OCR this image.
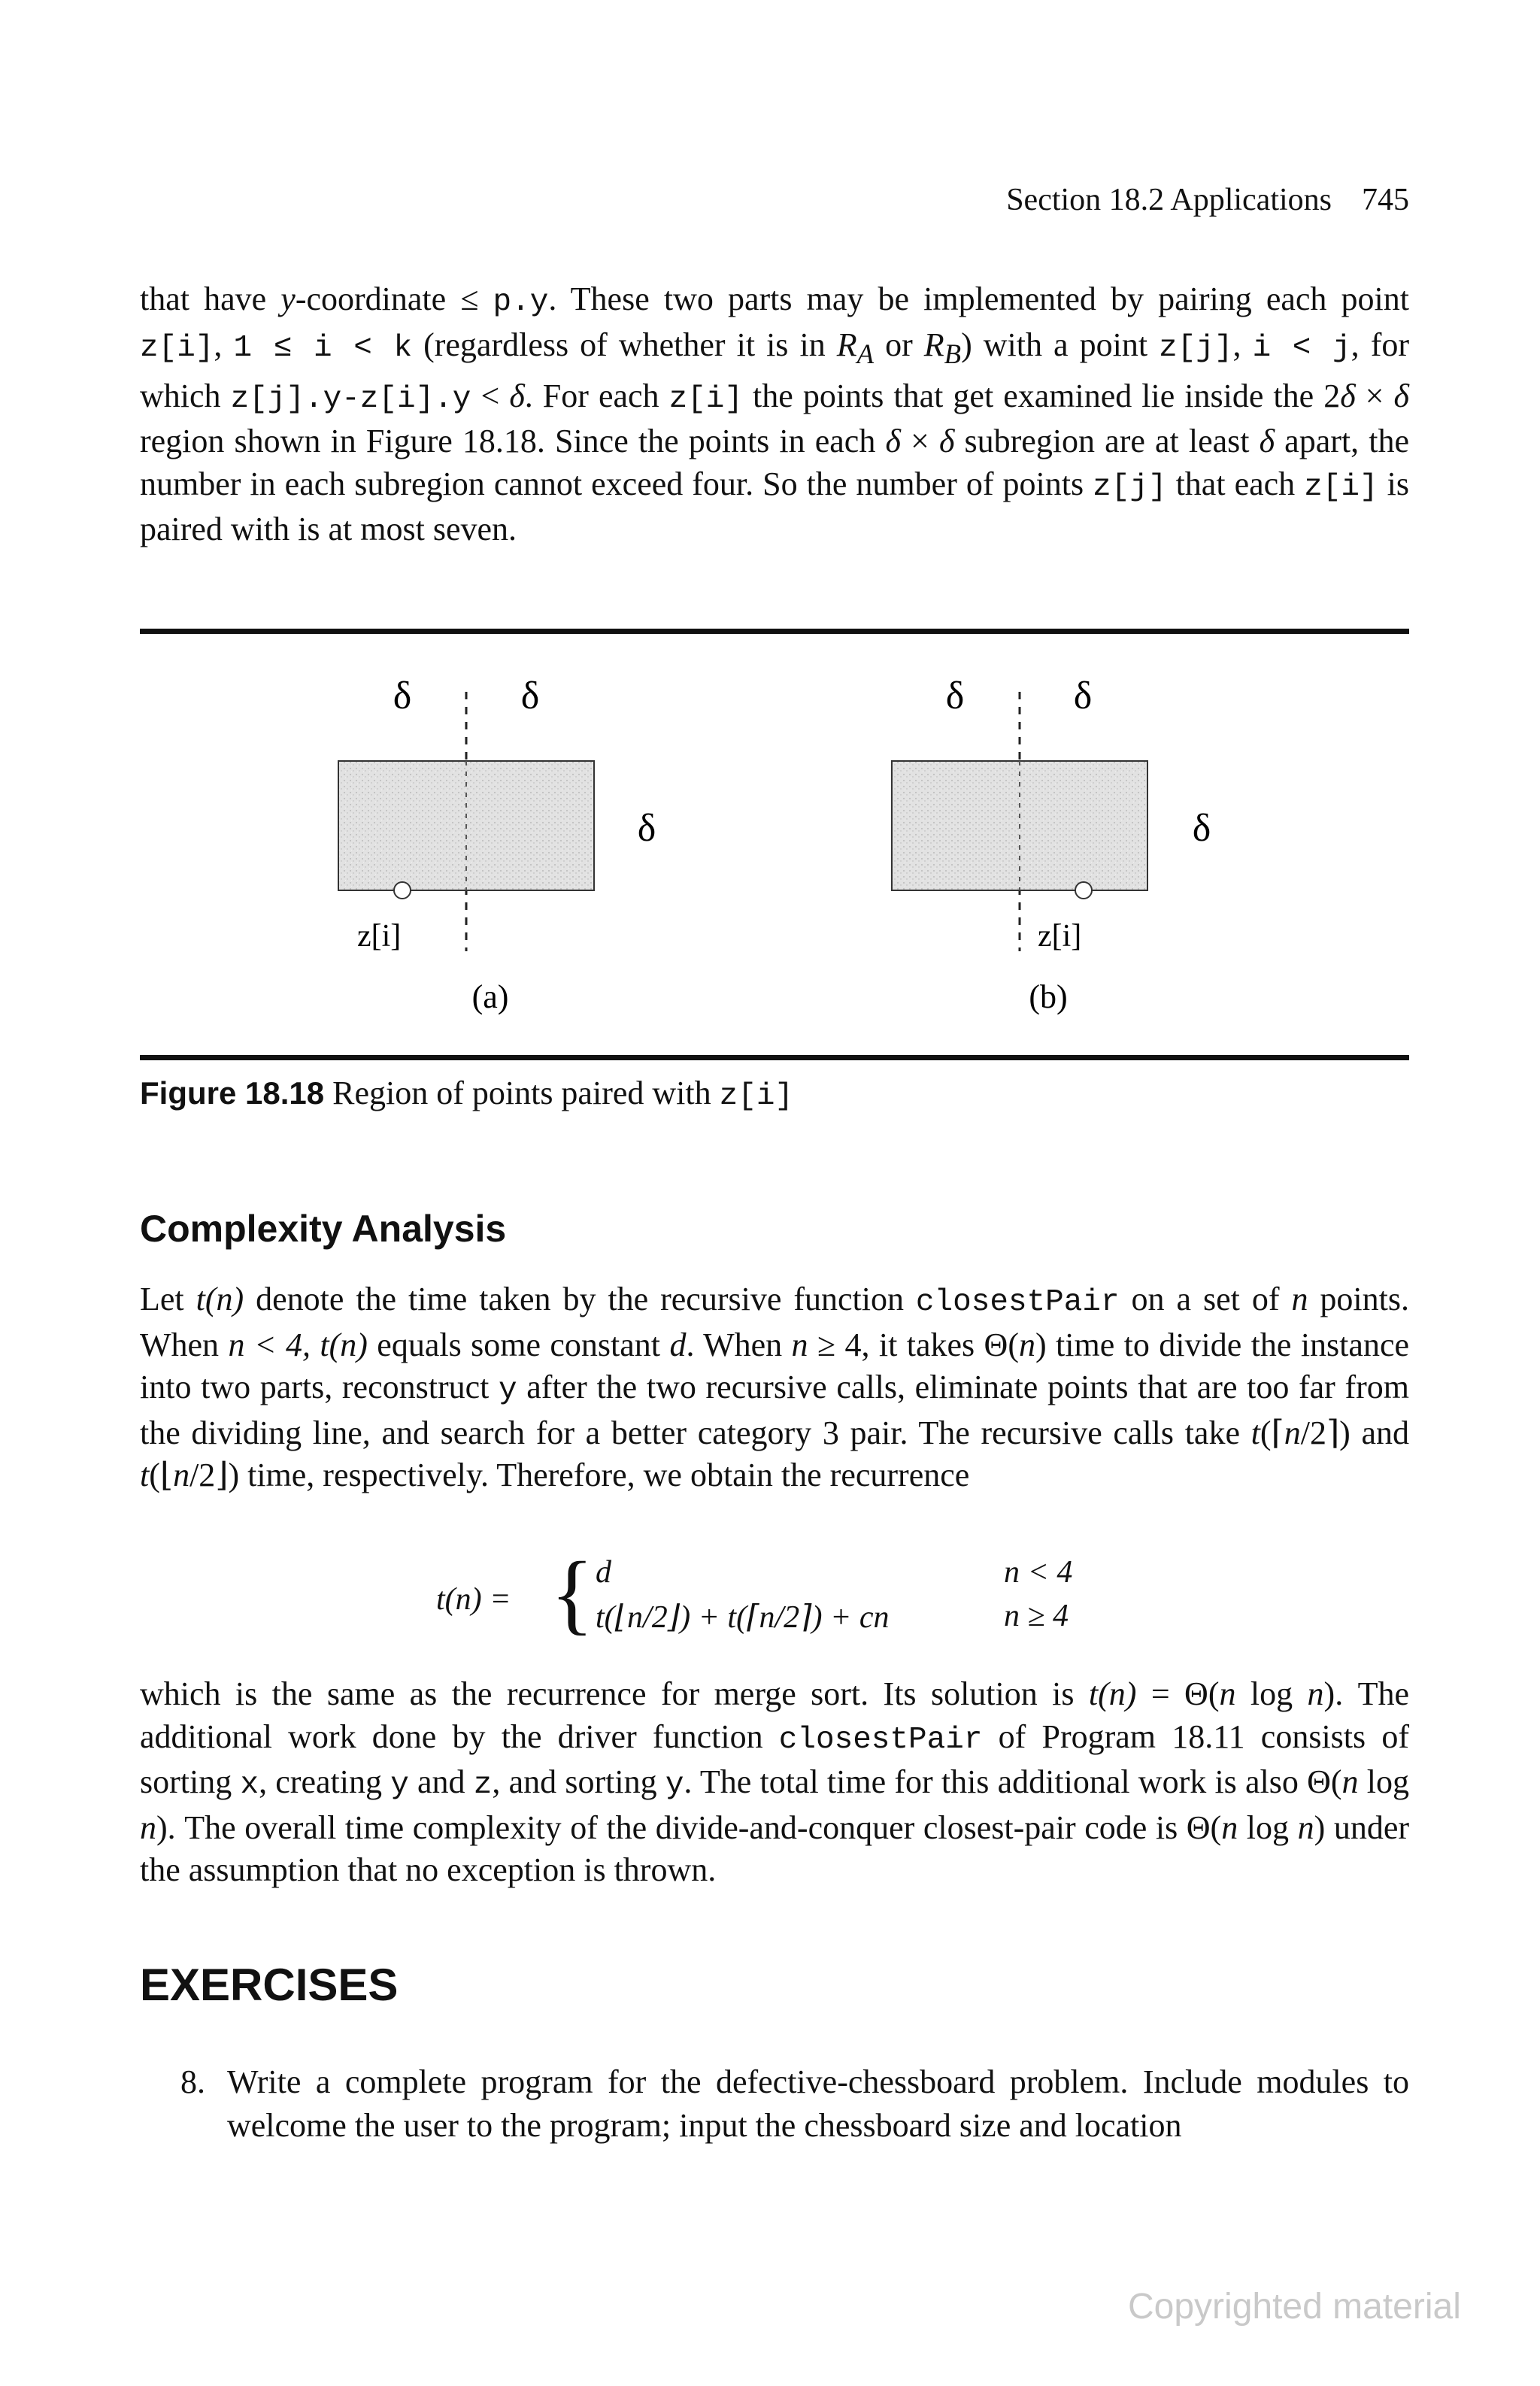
Section 18.2 Applications 745

that have y-coordinate ≤ p.y. These two parts may be implemented by pairing each point z[i], 1 ≤ i < k (regardless of whether it is in $R_A$ or $R_B$) with a point z[j], i < j, for which z[j].y-z[i].y < δ. For each z[i] the points that get examined lie inside the 2δ × δ region shown in Figure 18.18. Since the points in each δ × δ subregion are at least δ apart, the number in each subregion cannot exceed four. So the number of points z[j] that each z[i] is paired with is at most seven.

δ	δ
δ
z[i]
(a)
δ	δ
δ
z[i]
(b)
Figure 18.18 Region of points paired with z[i]
Complexity Analysis

Let t(n) denote the time taken by the recursive function closestPair on a set of n points. When n < 4, t(n) equals some constant d. When n ≥ 4, it takes Θ(n) time to divide the instance into two parts, reconstruct y after the two recursive calls, eliminate points that are too far from the dividing line, and search for a better category 3 pair. The recursive calls take t(⌈n/2⌉) and t(⌊n/2⌋) time, respectively. Therefore, we obtain the recurrence

t(n) = { d
t(⌊n/2⌋) + t(⌈n/2⌉) + cn
n < 4
n ≥ 4

which is the same as the recurrence for merge sort. Its solution is t(n) = Θ(n log n). The additional work done by the driver function closestPair of Program 18.11 consists of sorting x, creating y and z, and sorting y. The total time for this additional work is also Θ(n log n). The overall time complexity of the divide-and-conquer closest-pair code is Θ(n log n) under the assumption that no exception is thrown.

EXERCISES
8. Write a complete program for the defective-chessboard problem. Include modules to welcome the user to the program; input the chessboard size and location
Copyrighted material
